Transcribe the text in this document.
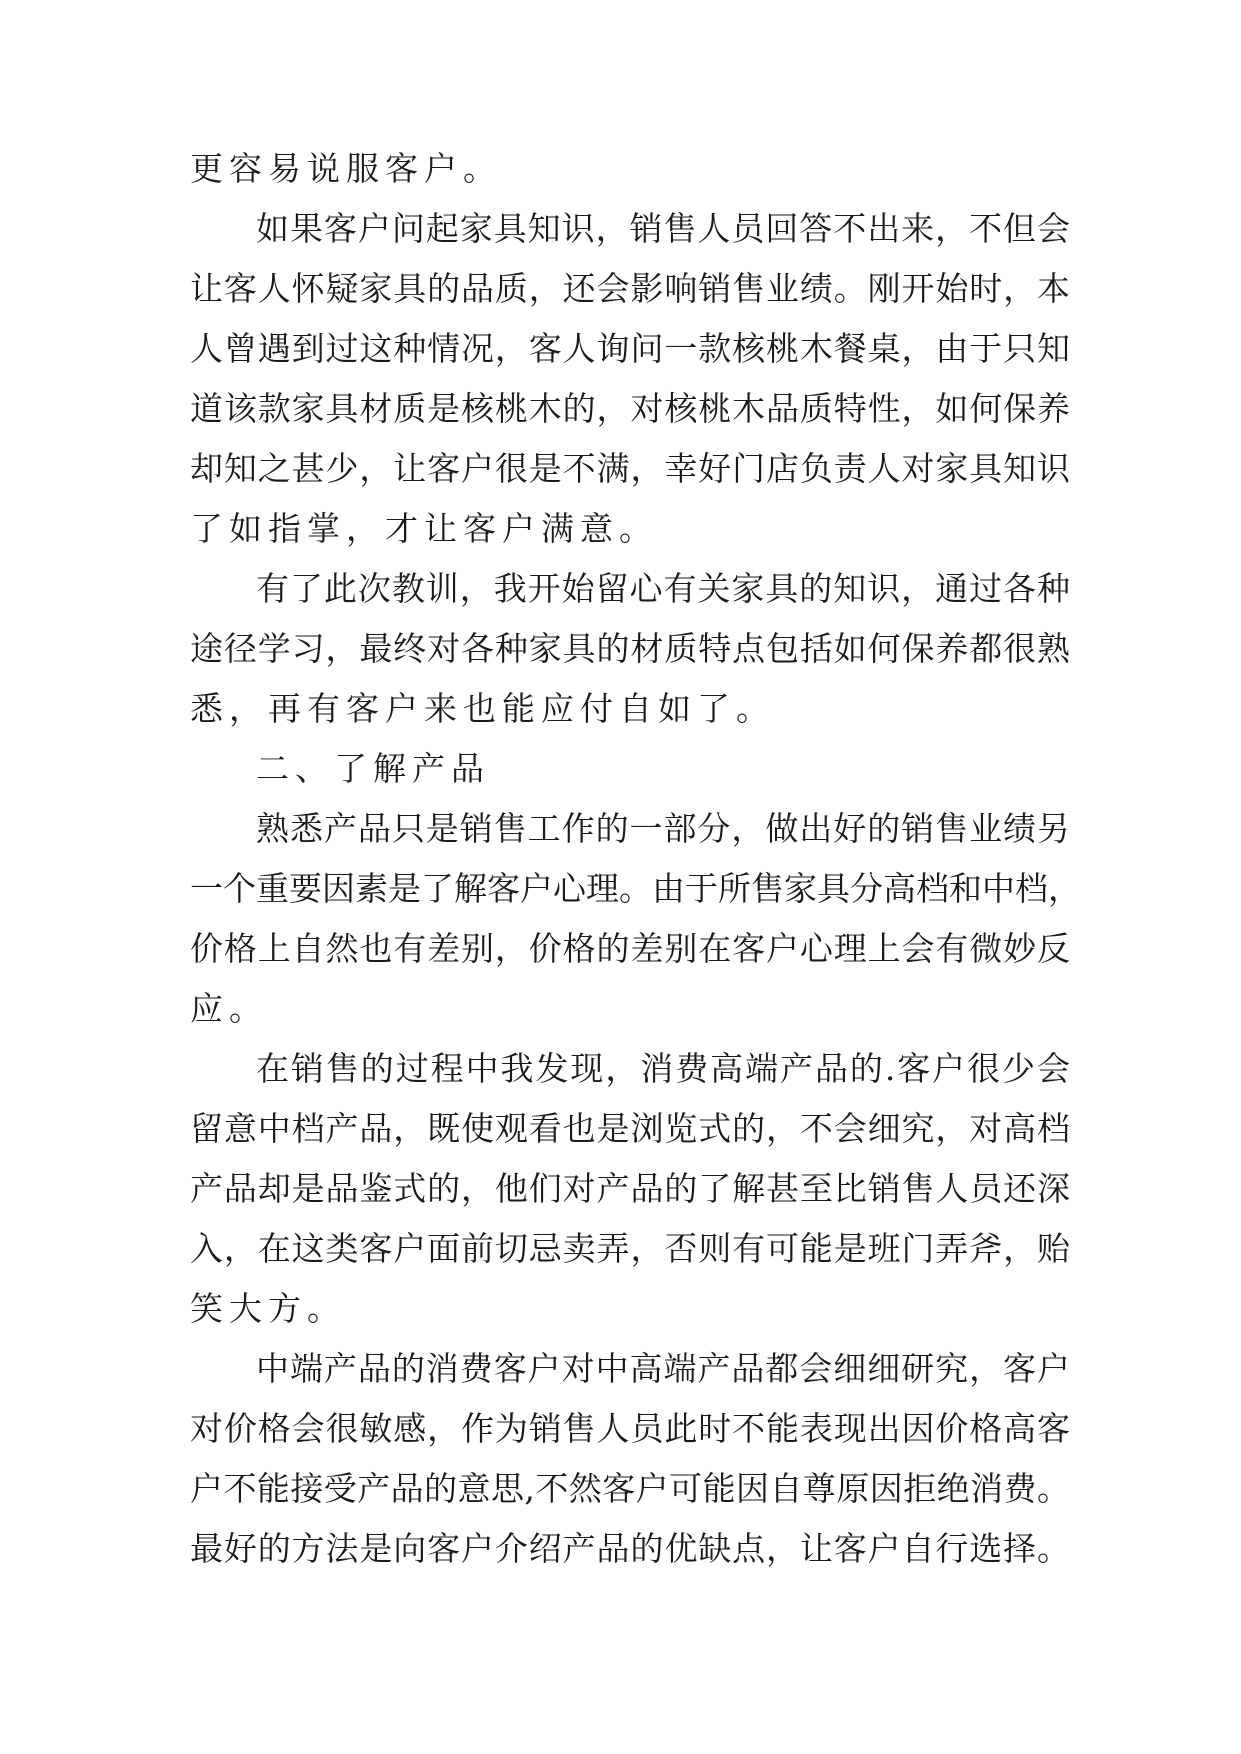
更容易说服客户。
如果客户问起家具知识，销售人员回答不出来，不但会
让客人怀疑家具的品质，还会影响销售业绩。刚开始时，本
人曾遇到过这种情况，客人询问一款核桃木餐桌，由于只知
道该款家具材质是核桃木的，对核桃木品质特性，如何保养
却知之甚少，让客户很是不满，幸好门店负责人对家具知识
了如指掌，才让客户满意。
有了此次教训，我开始留心有关家具的知识，通过各种
途径学习，最终对各种家具的材质特点包括如何保养都很熟
悉，再有客户来也能应付自如了。
二、了解产品
熟悉产品只是销售工作的一部分，做出好的销售业绩另
一个重要因素是了解客户心理。由于所售家具分高档和中档，
价格上自然也有差别，价格的差别在客户心理上会有微妙反
应。
在销售的过程中我发现，消费高端产品的.客户很少会
留意中档产品，既使观看也是浏览式的，不会细究，对高档
产品却是品鉴式的，他们对产品的了解甚至比销售人员还深
入，在这类客户面前切忌卖弄，否则有可能是班门弄斧，贻
笑大方。
中端产品的消费客户对中高端产品都会细细研究，客户
对价格会很敏感，作为销售人员此时不能表现出因价格高客
户不能接受产品的意思,不然客户可能因自尊原因拒绝消费。
最好的方法是向客户介绍产品的优缺点，让客户自行选择。
